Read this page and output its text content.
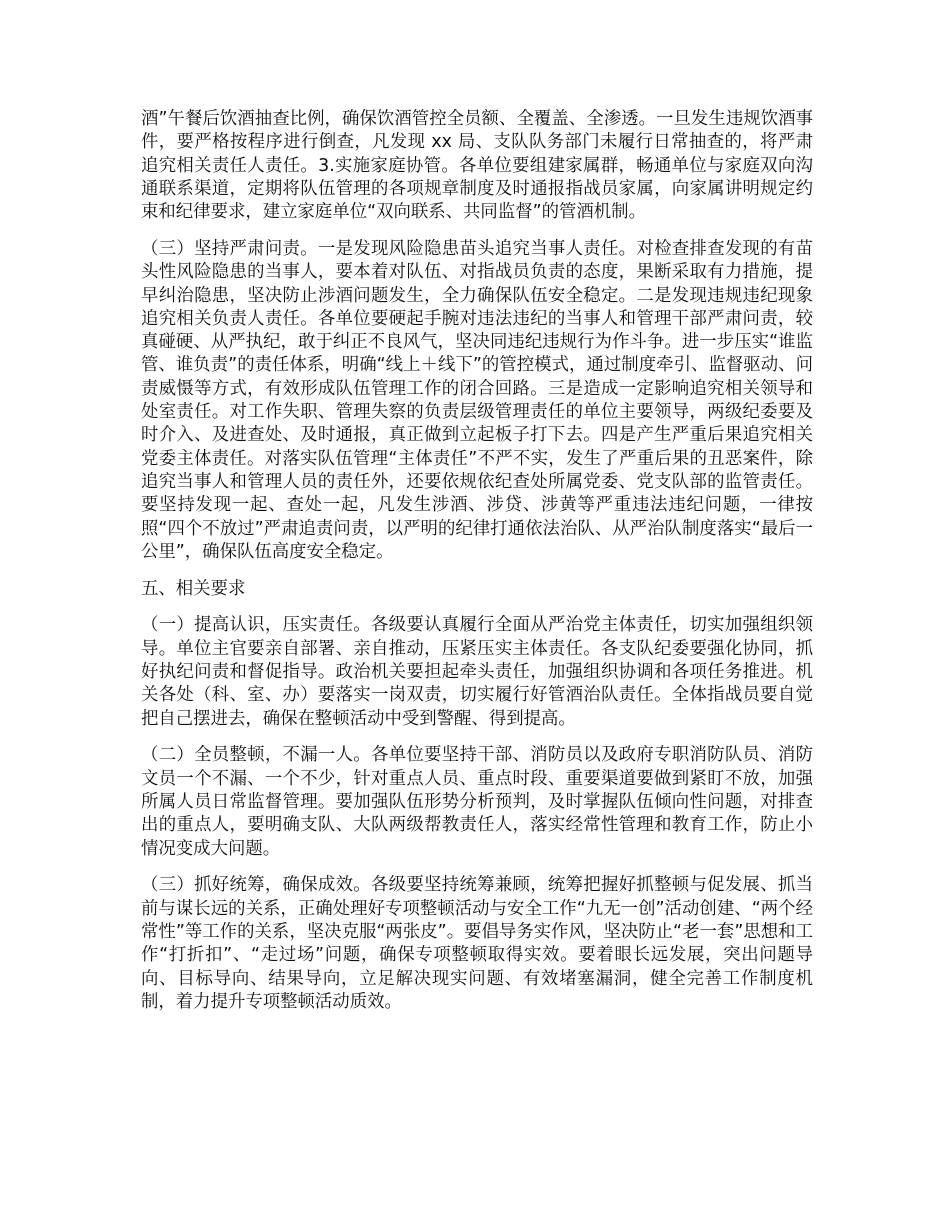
酒”午餐后饮酒抽查比例，确保饮酒管控全员额、全覆盖、全渗透。一旦发生违规饮酒事件，要严格按程序进行倒查，凡发现 xx 局、支队队务部门未履行日常抽查的，将严肃追究相关责任人责任。3.实施家庭协管。各单位要组建家属群，畅通单位与家庭双向沟通联系渠道，定期将队伍管理的各项规章制度及时通报指战员家属，向家属讲明规定约束和纪律要求，建立家庭单位“双向联系、共同监督”的管酒机制。

（三）坚持严肃问责。一是发现风险隐患苗头追究当事人责任。对检查排查发现的有苗头性风险隐患的当事人，要本着对队伍、对指战员负责的态度，果断采取有力措施，提早纠治隐患，坚决防止涉酒问题发生，全力确保队伍安全稳定。二是发现违规违纪现象追究相关负责人责任。各单位要硬起手腕对违法违纪的当事人和管理干部严肃问责，较真碰硬、从严执纪，敢于纠正不良风气，坚决同违纪违规行为作斗争。进一步压实“谁监管、谁负责”的责任体系，明确“线上＋线下”的管控模式，通过制度牵引、监督驱动、问责威慑等方式，有效形成队伍管理工作的闭合回路。三是造成一定影响追究相关领导和处室责任。对工作失职、管理失察的负责层级管理责任的单位主要领导，两级纪委要及时介入、及进查处、及时通报，真正做到立起板子打下去。四是产生严重后果追究相关党委主体责任。对落实队伍管理“主体责任”不严不实，发生了严重后果的丑恶案件，除追究当事人和管理人员的责任外，还要依规依纪查处所属党委、党支队部的监管责任。要坚持发现一起、查处一起，凡发生涉酒、涉贷、涉黄等严重违法违纪问题，一律按照“四个不放过”严肃追责问责，以严明的纪律打通依法治队、从严治队制度落实“最后一公里”，确保队伍高度安全稳定。

五、相关要求

（一）提高认识，压实责任。各级要认真履行全面从严治党主体责任，切实加强组织领导。单位主官要亲自部署、亲自推动，压紧压实主体责任。各支队纪委要强化协同，抓好执纪问责和督促指导。政治机关要担起牵头责任，加强组织协调和各项任务推进。机关各处（科、室、办）要落实一岗双责，切实履行好管酒治队责任。全体指战员要自觉把自己摆进去，确保在整顿活动中受到警醒、得到提高。

（二）全员整顿，不漏一人。各单位要坚持干部、消防员以及政府专职消防队员、消防文员一个不漏、一个不少，针对重点人员、重点时段、重要渠道要做到紧盯不放，加强所属人员日常监督管理。要加强队伍形势分析预判，及时掌握队伍倾向性问题，对排查出的重点人，要明确支队、大队两级帮教责任人，落实经常性管理和教育工作，防止小情况变成大问题。

（三）抓好统筹，确保成效。各级要坚持统筹兼顾，统筹把握好抓整顿与促发展、抓当前与谋长远的关系，正确处理好专项整顿活动与安全工作“九无一创”活动创建、“两个经常性”等工作的关系，坚决克服“两张皮”。要倡导务实作风，坚决防止“老一套”思想和工作“打折扣”、“走过场”问题，确保专项整顿取得实效。要着眼长远发展，突出问题导向、目标导向、结果导向，立足解决现实问题、有效堵塞漏洞，健全完善工作制度机制，着力提升专项整顿活动质效。
